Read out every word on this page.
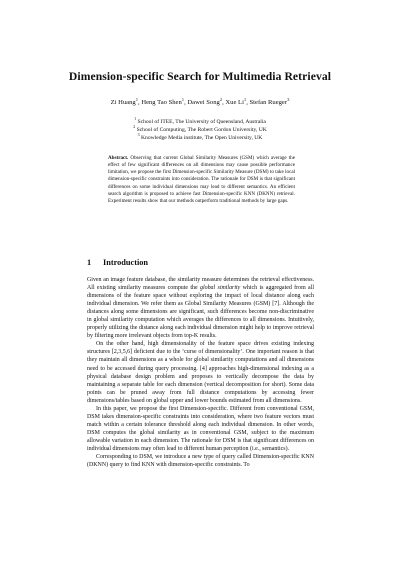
Dimension-specific Search for Multimedia Retrieval
Zi Huang$^1$, Heng Tao Shen$^1$, Dawei Song$^2$, Xue Li$^1$, Stefan Rueger$^3$
$^1$ School of ITEE, The University of Queensland, Australia
$^2$ School of Computing, The Robert Gordon University, UK
$^3$ Knowledge Media institute, The Open University, UK
Abstract. Observing that current Global Similarity Measures (GSM) which average the effect of few significant differences on all dimensions may cause possible performance limitation, we propose the first Dimension-specific Similarity Measure (DSM) to take local dimension-specific constraints into consideration. The rationale for DSM is that significant differences on some individual dimensions may lead to different semantics. An efficient search algorithm is proposed to achieve fast Dimension-specific KNN (DKNN) retrieval. Experiment results show that our methods outperform traditional methods by large gaps.
1 Introduction

Given an image feature database, the similarity measure determines the retrieval effectiveness. All existing similarity measures compute the global similarity which is aggregated from all dimensions of the feature space without exploring the impact of local distance along each individual dimension. We refer them as Global Similarity Measures (GSM) [7]. Although the distances along some dimensions are significant, such differences become non-discriminative in global similarity computation which averages the differences to all dimensions. Intuitively, properly utilizing the distance along each individual dimension might help to improve retrieval by filtering more irrelevant objects from top-K results.

On the other hand, high dimensionality of the feature space drives existing indexing structures [2,3,5,6] deficient due to the ‘curse of dimensionality’. One important reason is that they maintain all dimensions as a whole for global similarity computations and all dimensions need to be accessed during query processing. [4] approaches high-dimensional indexing as a physical database design problem and proposes to vertically decompose the data by maintaining a separate table for each dimension (vertical decomposition for short). Some data points can be pruned away from full distance computations by accessing fewer dimensions/tables based on global upper and lower bounds estimated from all dimensions.

In this paper, we propose the first Dimension-specific. Different from conventional GSM, DSM takes dimension-specific constraints into consideration, where two feature vectors must match within a certain tolerance threshold along each individual dimension. In other words, DSM computes the global similarity as in conventional GSM, subject to the maximum allowable variation in each dimension. The rationale for DSM is that significant differences on individual dimensions may often lead to different human perception (i.e., semantics).

Corresponding to DSM, we introduce a new type of query called Dimension-specific KNN (DKNN) query to find KNN with dimension-specific constraints. To
